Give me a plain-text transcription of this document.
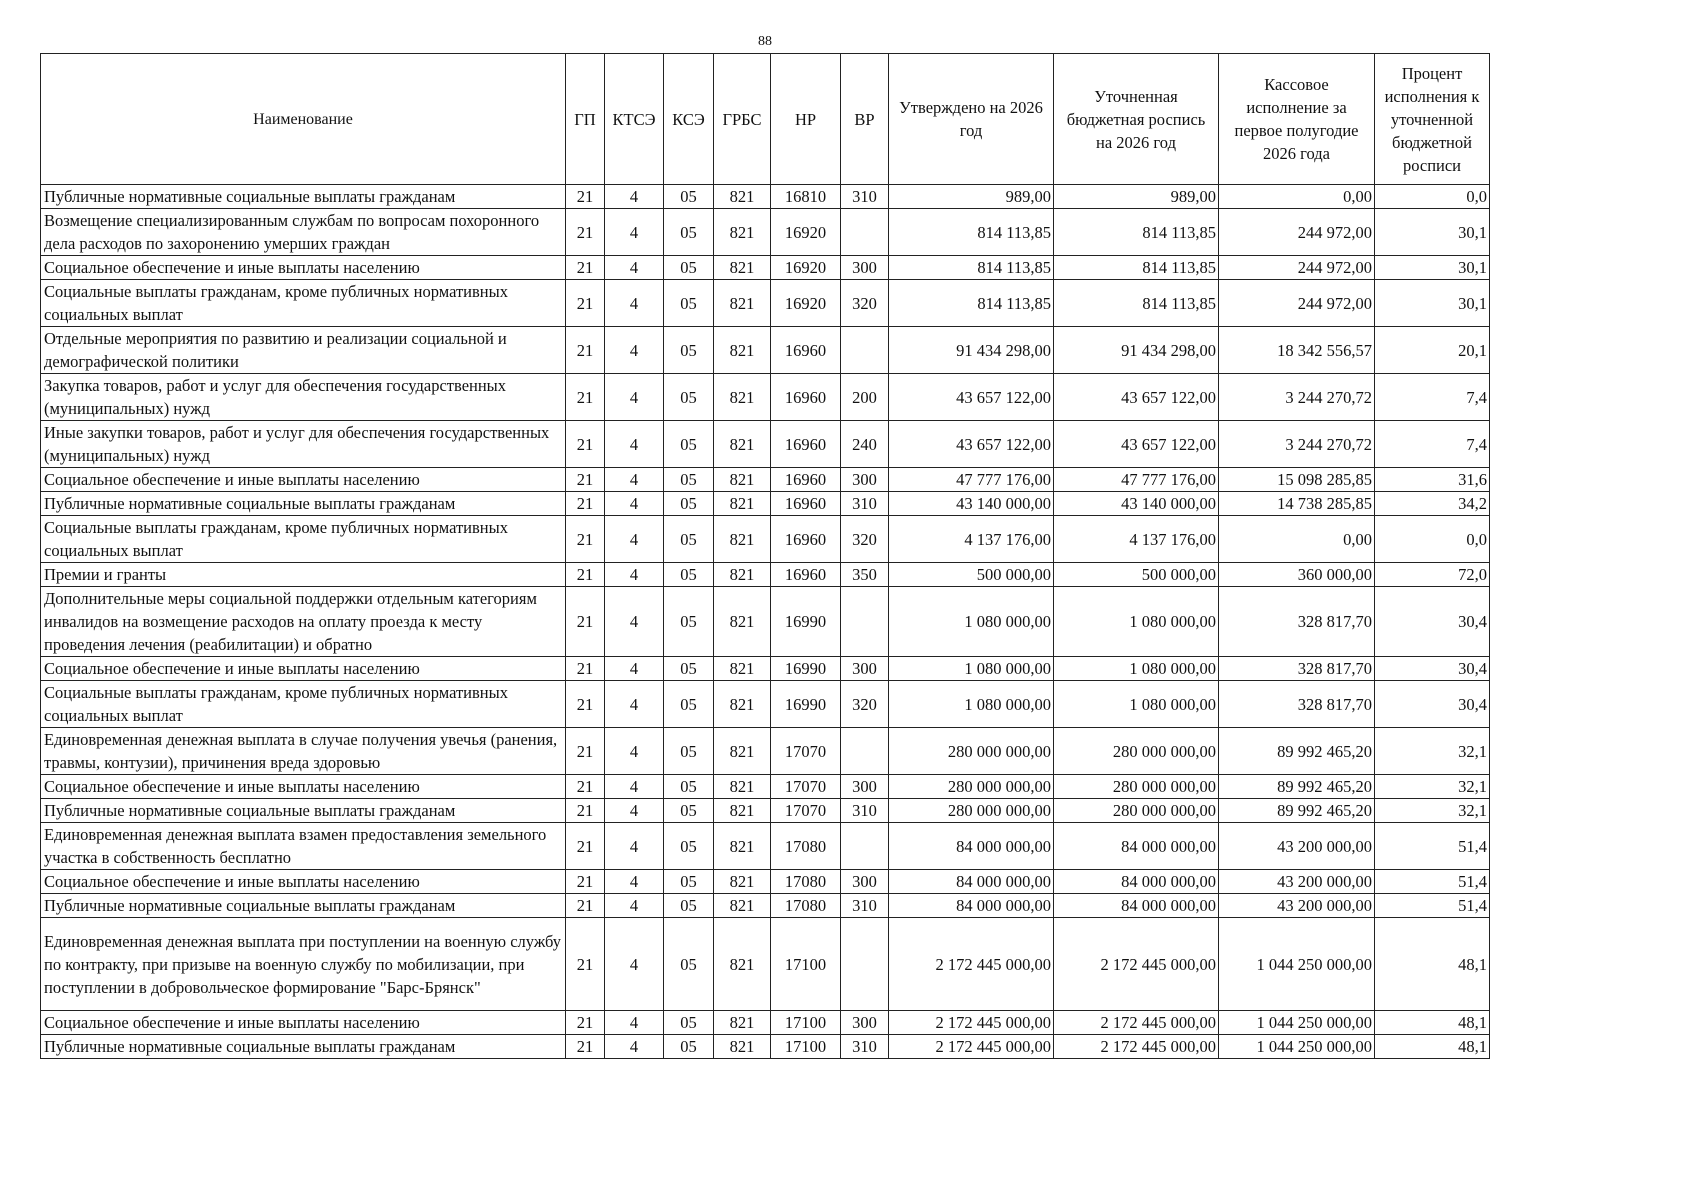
88
Наименование	ГП	КТСЭ	КСЭ	ГРБС	НР	ВР	Утверждено на 2026 год	Уточненная бюджетная роспись на 2026 год	Кассовое исполнение за первое полугодие 2026 года	Процент исполнения к уточненной бюджетной росписи
Публичные нормативные социальные выплаты гражданам	21	4	05	821	16810	310	989,00	989,00	0,00	0,0
Возмещение специализированным службам по вопросам похоронного дела расходов по захоронению умерших граждан	21	4	05	821	16920		814 113,85	814 113,85	244 972,00	30,1
Социальное обеспечение и иные выплаты населению	21	4	05	821	16920	300	814 113,85	814 113,85	244 972,00	30,1
Социальные выплаты гражданам, кроме публичных нормативных социальных выплат	21	4	05	821	16920	320	814 113,85	814 113,85	244 972,00	30,1
Отдельные мероприятия по развитию и реализации социальной и демографической политики	21	4	05	821	16960		91 434 298,00	91 434 298,00	18 342 556,57	20,1
Закупка товаров, работ и услуг для обеспечения государственных (муниципальных) нужд	21	4	05	821	16960	200	43 657 122,00	43 657 122,00	3 244 270,72	7,4
Иные закупки товаров, работ и услуг для обеспечения государственных (муниципальных) нужд	21	4	05	821	16960	240	43 657 122,00	43 657 122,00	3 244 270,72	7,4
Социальное обеспечение и иные выплаты населению	21	4	05	821	16960	300	47 777 176,00	47 777 176,00	15 098 285,85	31,6
Публичные нормативные социальные выплаты гражданам	21	4	05	821	16960	310	43 140 000,00	43 140 000,00	14 738 285,85	34,2
Социальные выплаты гражданам, кроме публичных нормативных социальных выплат	21	4	05	821	16960	320	4 137 176,00	4 137 176,00	0,00	0,0
Премии и гранты	21	4	05	821	16960	350	500 000,00	500 000,00	360 000,00	72,0
Дополнительные меры социальной поддержки отдельным категориям инвалидов на возмещение расходов на оплату проезда к месту проведения лечения (реабилитации) и обратно	21	4	05	821	16990		1 080 000,00	1 080 000,00	328 817,70	30,4
Социальное обеспечение и иные выплаты населению	21	4	05	821	16990	300	1 080 000,00	1 080 000,00	328 817,70	30,4
Социальные выплаты гражданам, кроме публичных нормативных социальных выплат	21	4	05	821	16990	320	1 080 000,00	1 080 000,00	328 817,70	30,4
Единовременная денежная выплата в случае получения увечья (ранения, травмы, контузии), причинения вреда здоровью	21	4	05	821	17070		280 000 000,00	280 000 000,00	89 992 465,20	32,1
Социальное обеспечение и иные выплаты населению	21	4	05	821	17070	300	280 000 000,00	280 000 000,00	89 992 465,20	32,1
Публичные нормативные социальные выплаты гражданам	21	4	05	821	17070	310	280 000 000,00	280 000 000,00	89 992 465,20	32,1
Единовременная денежная выплата взамен предоставления земельного участка в собственность бесплатно	21	4	05	821	17080		84 000 000,00	84 000 000,00	43 200 000,00	51,4
Социальное обеспечение и иные выплаты населению	21	4	05	821	17080	300	84 000 000,00	84 000 000,00	43 200 000,00	51,4
Публичные нормативные социальные выплаты гражданам	21	4	05	821	17080	310	84 000 000,00	84 000 000,00	43 200 000,00	51,4
Единовременная денежная выплата при поступлении на военную службу по контракту, при призыве на военную службу по мобилизации, при поступлении в добровольческое формирование "Барс-Брянск"	21	4	05	821	17100		2 172 445 000,00	2 172 445 000,00	1 044 250 000,00	48,1
Социальное обеспечение и иные выплаты населению	21	4	05	821	17100	300	2 172 445 000,00	2 172 445 000,00	1 044 250 000,00	48,1
Публичные нормативные социальные выплаты гражданам	21	4	05	821	17100	310	2 172 445 000,00	2 172 445 000,00	1 044 250 000,00	48,1
